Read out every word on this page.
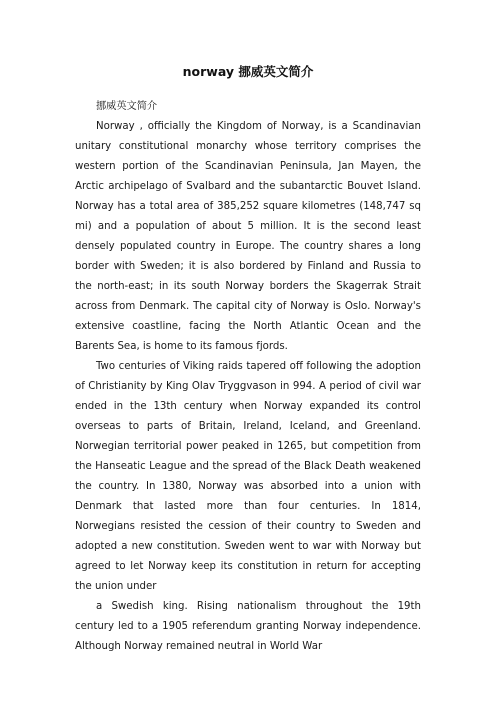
norway 挪威英文简介

挪威英文简介

Norway , officially the Kingdom of Norway, is a Scandinavian unitary constitutional monarchy whose territory comprises the western portion of the Scandinavian Peninsula, Jan Mayen, the Arctic archipelago of Svalbard and the subantarctic Bouvet Island. Norway has a total area of 385,252 square kilometres (148,747 sq mi) and a population of about 5 million. It is the second least densely populated country in Europe. The country shares a long border with Sweden; it is also bordered by Finland and Russia to the north-east; in its south Norway borders the Skagerrak Strait across from Denmark. The capital city of Norway is Oslo. Norway's extensive coastline, facing the North Atlantic Ocean and the Barents Sea, is home to its famous fjords.

Two centuries of Viking raids tapered off following the adoption of Christianity by King Olav Tryggvason in 994. A period of civil war ended in the 13th century when Norway expanded its control overseas to parts of Britain, Ireland, Iceland, and Greenland. Norwegian territorial power peaked in 1265, but competition from the Hanseatic League and the spread of the Black Death weakened the country. In 1380, Norway was absorbed into a union with Denmark that lasted more than four centuries. In 1814, Norwegians resisted the cession of their country to Sweden and adopted a new constitution. Sweden went to war with Norway but agreed to let Norway keep its constitution in return for accepting the union under

a Swedish king. Rising nationalism throughout the 19th century led to a 1905 referendum granting Norway independence. Although Norway remained neutral in World War
